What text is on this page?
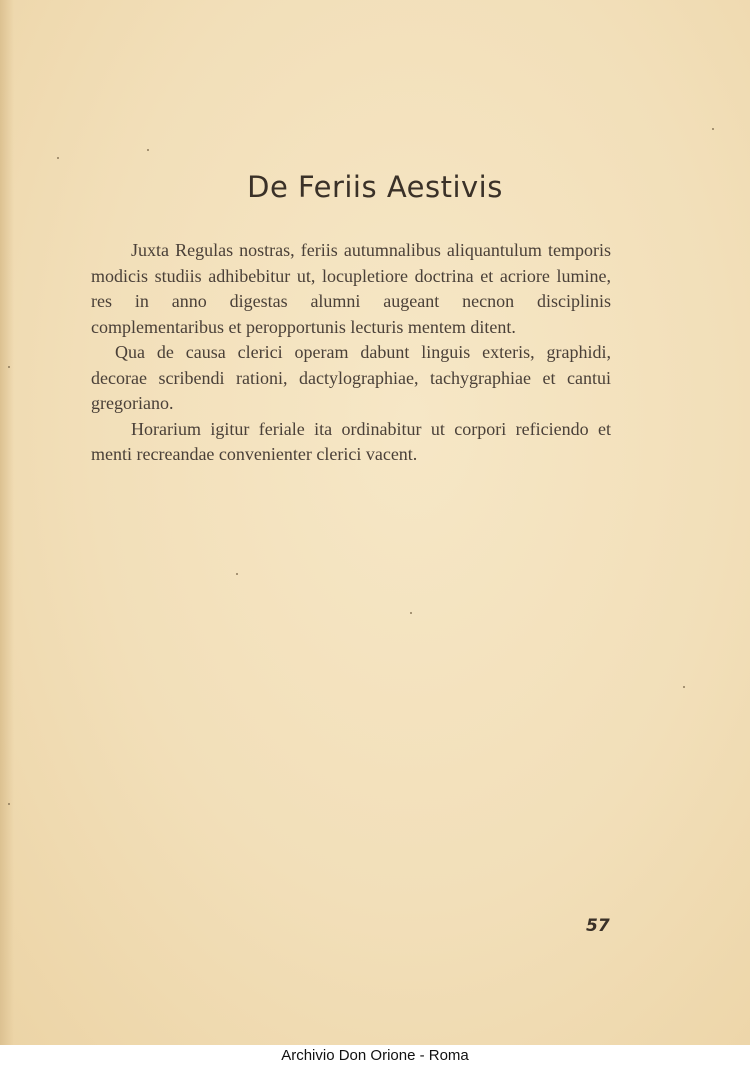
De Feriis Aestivis

Juxta Regulas nostras, feriis autumnalibus aliquantulum temporis modicis studiis adhibebitur ut, locupletiore doctrina et acriore lumine, res in anno digestas alumni augeant necnon disciplinis complementaribus et peropportunis lecturis mentem ditent.

Qua de causa clerici operam dabunt linguis exteris, graphidi, decorae scribendi rationi, dactylographiae, tachygraphiae et cantui gregoriano.

Horarium igitur feriale ita ordinabitur ut corpori reficiendo et menti recreandae convenienter clerici vacent.

57
Archivio Don Orione - Roma
